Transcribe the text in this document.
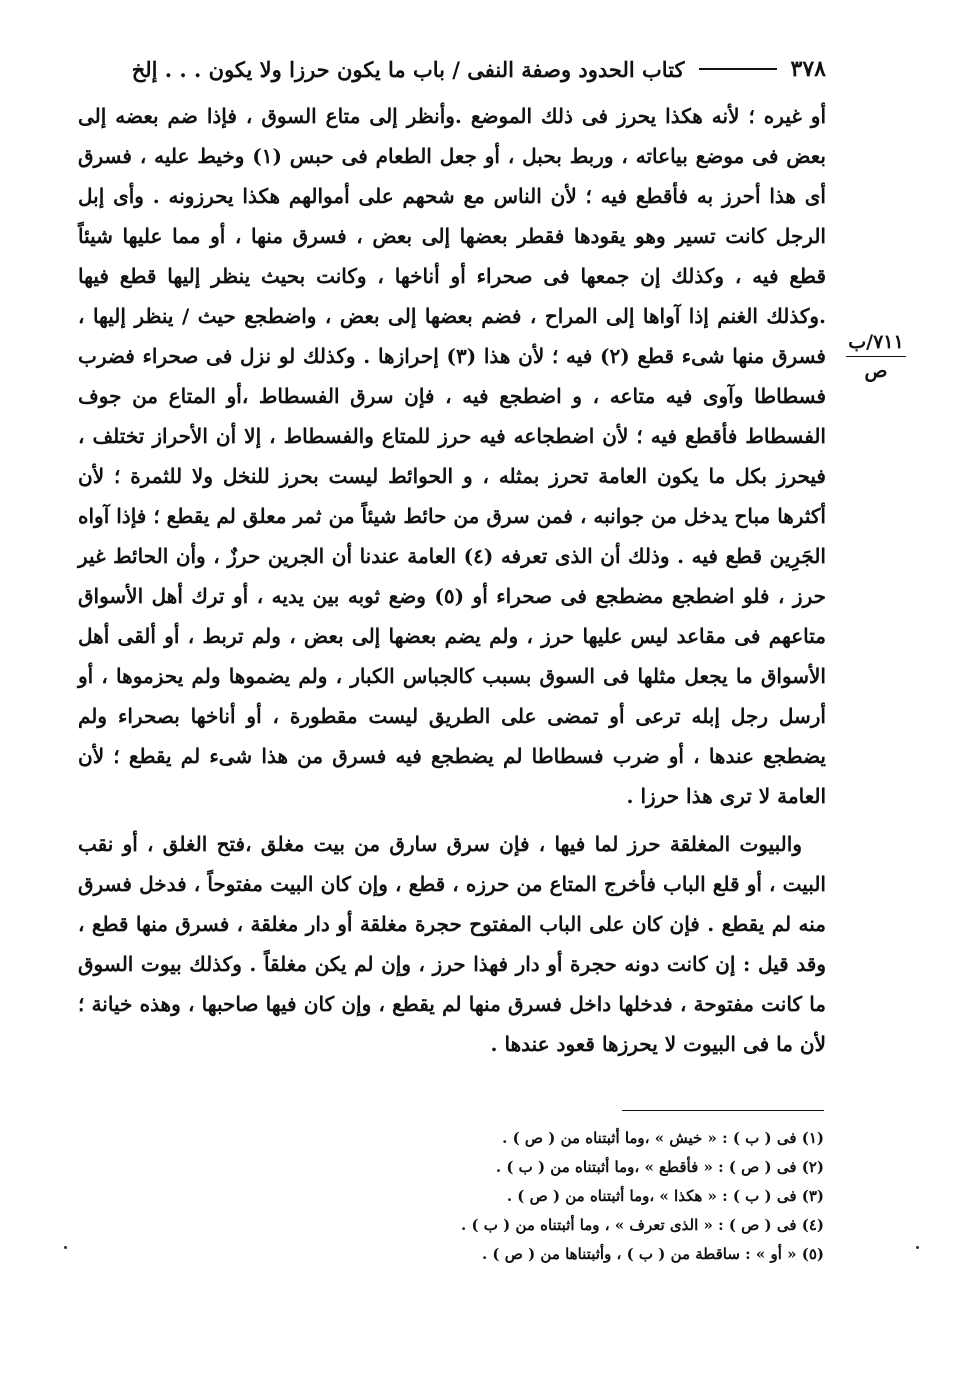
٣٧٨
كتاب الحدود وصفة النفى / باب ما يكون حرزا ولا يكون . . . إلخ

أو غيره ؛ لأنه هكذا يحرز فى ذلك الموضع .وأنظر إلى متاع السوق ، فإذا ضم بعضه إلى بعض فى موضع بياعاته ، وربط بحبل ، أو جعل الطعام فى حبس (١) وخيط عليه ، فسرق أى هذا أحرز به فأقطع فيه ؛ لأن الناس مع شحهم على أموالهم هكذا يحرزونه . وأى إبل الرجل كانت تسير وهو يقودها فقطر بعضها إلى بعض ، فسرق منها ، أو مما عليها شيئاً قطع فيه ، وكذلك إن جمعها فى صحراء أو أناخها ، وكانت بحيث ينظر إليها قطع فيها .وكذلك الغنم إذا آواها إلى المراح ، فضم بعضها إلى بعض ، واضطجع حيث / ينظر إليها ، فسرق منها شىء قطع (٢) فيه ؛ لأن هذا (٣) إحرازها . وكذلك لو نزل فى صحراء فضرب فسطاطا وآوى فيه متاعه ، و اضطجع فيه ، فإن سرق الفسطاط ،أو المتاع من جوف الفسطاط فأقطع فيه ؛ لأن اضطجاعه فيه حرز للمتاع والفسطاط ، إلا أن الأحراز تختلف ، فيحرز بكل ما يكون العامة تحرز بمثله ، و الحوائط ليست بحرز للنخل ولا للثمرة ؛ لأن أكثرها مباح يدخل من جوانبه ، فمن سرق من حائط شيئاً من ثمر معلق لم يقطع ؛ فإذا آواه الجَرِين قطع فيه . وذلك أن الذى تعرفه (٤) العامة عندنا أن الجرين حرزٌ ، وأن الحائط غير حرز ، فلو اضطجع مضطجع فى صحراء أو (٥) وضع ثوبه بين يديه ، أو ترك أهل الأسواق متاعهم فى مقاعد ليس عليها حرز ، ولم يضم بعضها إلى بعض ، ولم تربط ، أو ألقى أهل الأسواق ما يجعل مثلها فى السوق بسبب كالجباس الكبار ، ولم يضموها ولم يحزموها ، أو أرسل رجل إبله ترعى أو تمضى على الطريق ليست مقطورة ، أو أناخها بصحراء ولم يضطجع عندها ، أو ضرب فسطاطا لم يضطجع فيه فسرق من هذا شىء لم يقطع ؛ لأن العامة لا ترى هذا حرزا .

والبيوت المغلقة حرز لما فيها ، فإن سرق سارق من بيت مغلق ،فتح الغلق ، أو نقب البيت ، أو قلع الباب فأخرج المتاع من حرزه ، قطع ، وإن كان البيت مفتوحاً ، فدخل فسرق منه لم يقطع . فإن كان على الباب المفتوح حجرة مغلقة أو دار مغلقة ، فسرق منها قطع ، وقد قيل : إن كانت دونه حجرة أو دار فهذا حرز ، وإن لم يكن مغلقاً . وكذلك بيوت السوق ما كانت مفتوحة ، فدخلها داخل فسرق منها لم يقطع ، وإن كان فيها صاحبها ، وهذه خيانة ؛ لأن ما فى البيوت لا يحرزها قعود عندها .

٧١١/ب
ص
(١) فى ( ب ) : « خيش » ،وما أثبتناه من ( ص ) .
(٢) فى ( ص ) : « فأقطع » ،وما أثبتناه من ( ب ) .
(٣) فى ( ب ) : « هكذا » ،وما أثبتناه من ( ص ) .
(٤) فى ( ص ) : « الذى تعرف » ، وما أثبتناه من ( ب ) .
(٥) « أو » : ساقطة من ( ب ) ، وأثبتناها من ( ص ) .
